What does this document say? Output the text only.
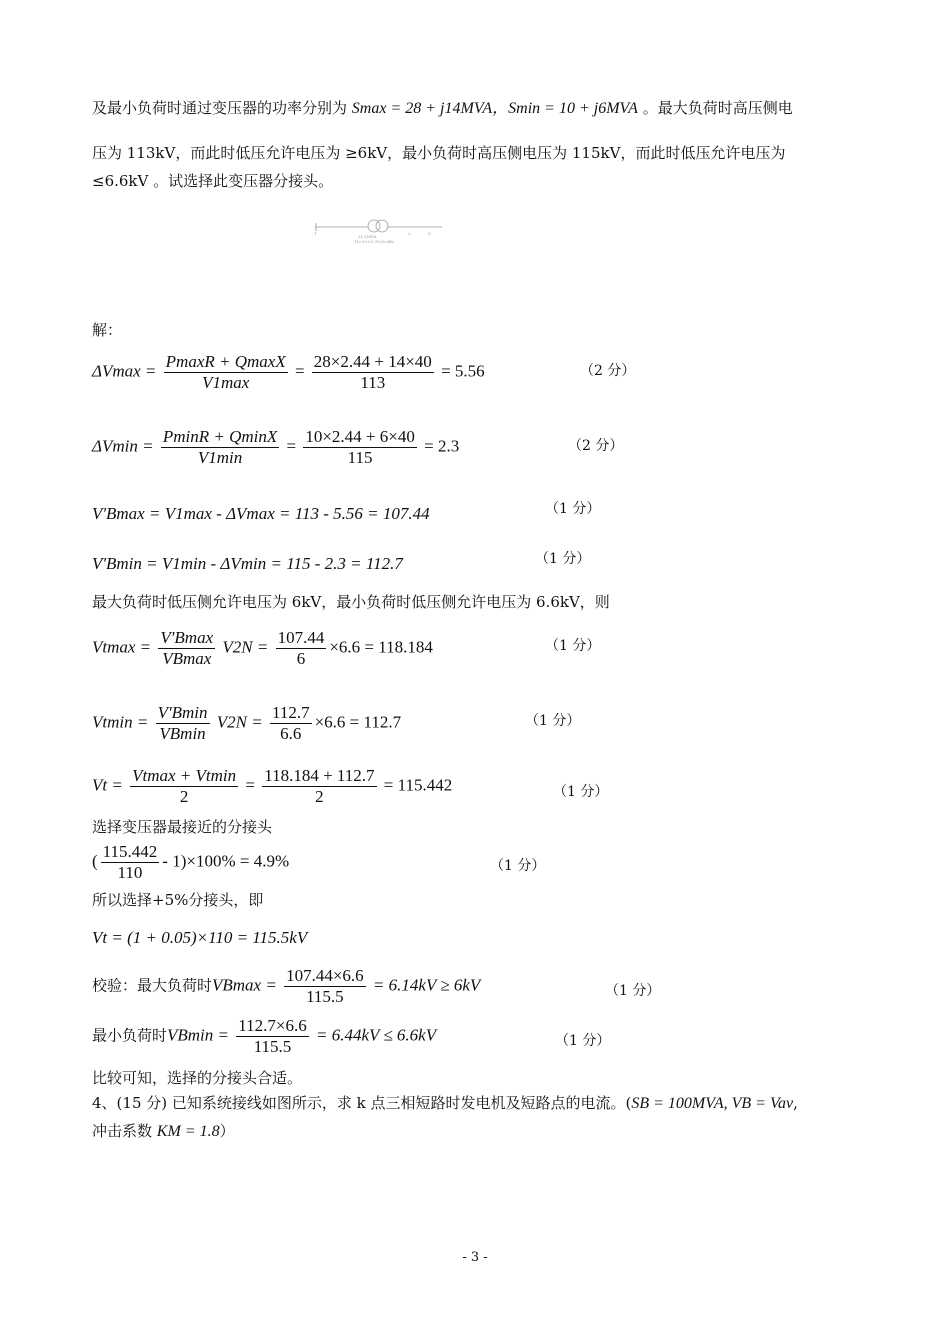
及最小负荷时通过变压器的功率分别为 Smax = 28 + j14MVA，Smin = 10 + j6MVA 。最大负荷时高压侧电
压为 113kV，而此时低压允许电压为 ≥6kV，最小负荷时高压侧电压为 115kV，而此时低压允许电压为
≤6.6kV 。试选择此变压器分接头。
1	2	S
31.5MVA
110±2×2.5%/6.6kV
解：
$\Delta Vmax = \frac{PmaxR + QmaxX}{V1\max} = \frac{28\times 2.44 + 14\times 40}{113} = 5.56$	（2 分）
$\Delta Vmin = \frac{PminR + QminX}{V1\min} = \frac{10\times 2.44 + 6\times 40}{115} = 2.3$	（2 分）
V'Bmax = V1max - ΔVmax = 113 - 5.56 = 107.44	（1 分）
V'Bmin = V1min - ΔVmin = 115 - 2.3 = 112.7	（1 分）
最大负荷时低压侧允许电压为 6kV，最小负荷时低压侧允许电压为 6.6kV，则
$Vtmax = \frac{V'Bmax}{VBmax} V2N = \frac{107.44}{6} \times 6.6 = 118.184$	（1 分）
$Vtmin = \frac{V'Bmin}{VBmin} V2N = \frac{112.7}{6.6} \times 6.6 = 112.7$	（1 分）
$Vt = \frac{Vtmax + Vtmin}{2} = \frac{118.184 + 112.7}{2} = 115.442$	（1 分）
选择变压器最接近的分接头
( $\frac{115.442}{110} - 1)\times 100\% = 4.9\%$	（1 分）
所以选择+5%分接头，即
Vt = (1 + 0.05)×110 = 115.5kV
校验：最大负荷时$VBmax = \frac{107.44\times 6.6}{115.5} = 6.14kV \ge 6kV$	（1 分）
最小负荷时$VBmin = \frac{112.7\times 6.6}{115.5} = 6.44kV \le 6.6kV$	（1 分）
比较可知，选择的分接头合适。
4、(15 分) 已知系统接线如图所示，求 k 点三相短路时发电机及短路点的电流。(SB = 100MVA, VB = Vav,
冲击系数 KM = 1.8）
- 3 -
